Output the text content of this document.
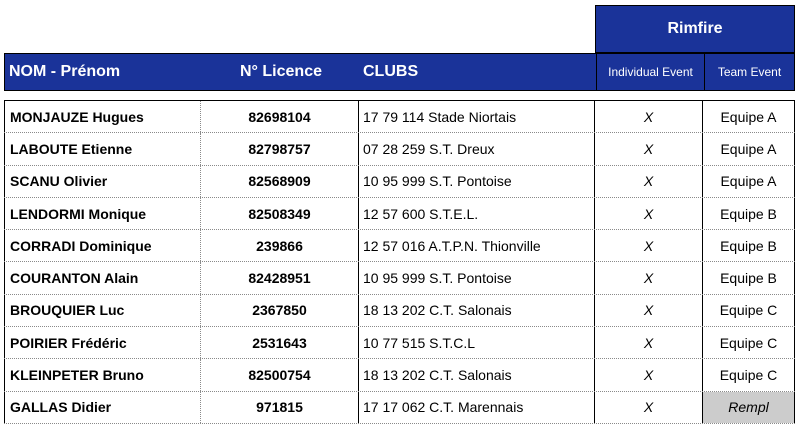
Rimfire
NOM - Prénom	N° Licence	CLUBS	Individual Event	Team Event
MONJAUZE Hugues	82698104	17 79 114 Stade Niortais	X	Equipe A
LABOUTE Etienne	82798757	07 28 259 S.T. Dreux	X	Equipe A
SCANU Olivier	82568909	10 95 999 S.T. Pontoise	X	Equipe A
LENDORMI Monique	82508349	12 57 600 S.T.E.L.	X	Equipe B
CORRADI Dominique	239866	12 57 016 A.T.P.N. Thionville	X	Equipe B
COURANTON Alain	82428951	10 95 999 S.T. Pontoise	X	Equipe B
BROUQUIER Luc	2367850	18 13 202 C.T. Salonais	X	Equipe C
POIRIER Frédéric	2531643	10 77 515 S.T.C.L	X	Equipe C
KLEINPETER Bruno	82500754	18 13 202 C.T. Salonais	X	Equipe C
GALLAS Didier	971815	17 17 062 C.T. Marennais	X	Rempl
